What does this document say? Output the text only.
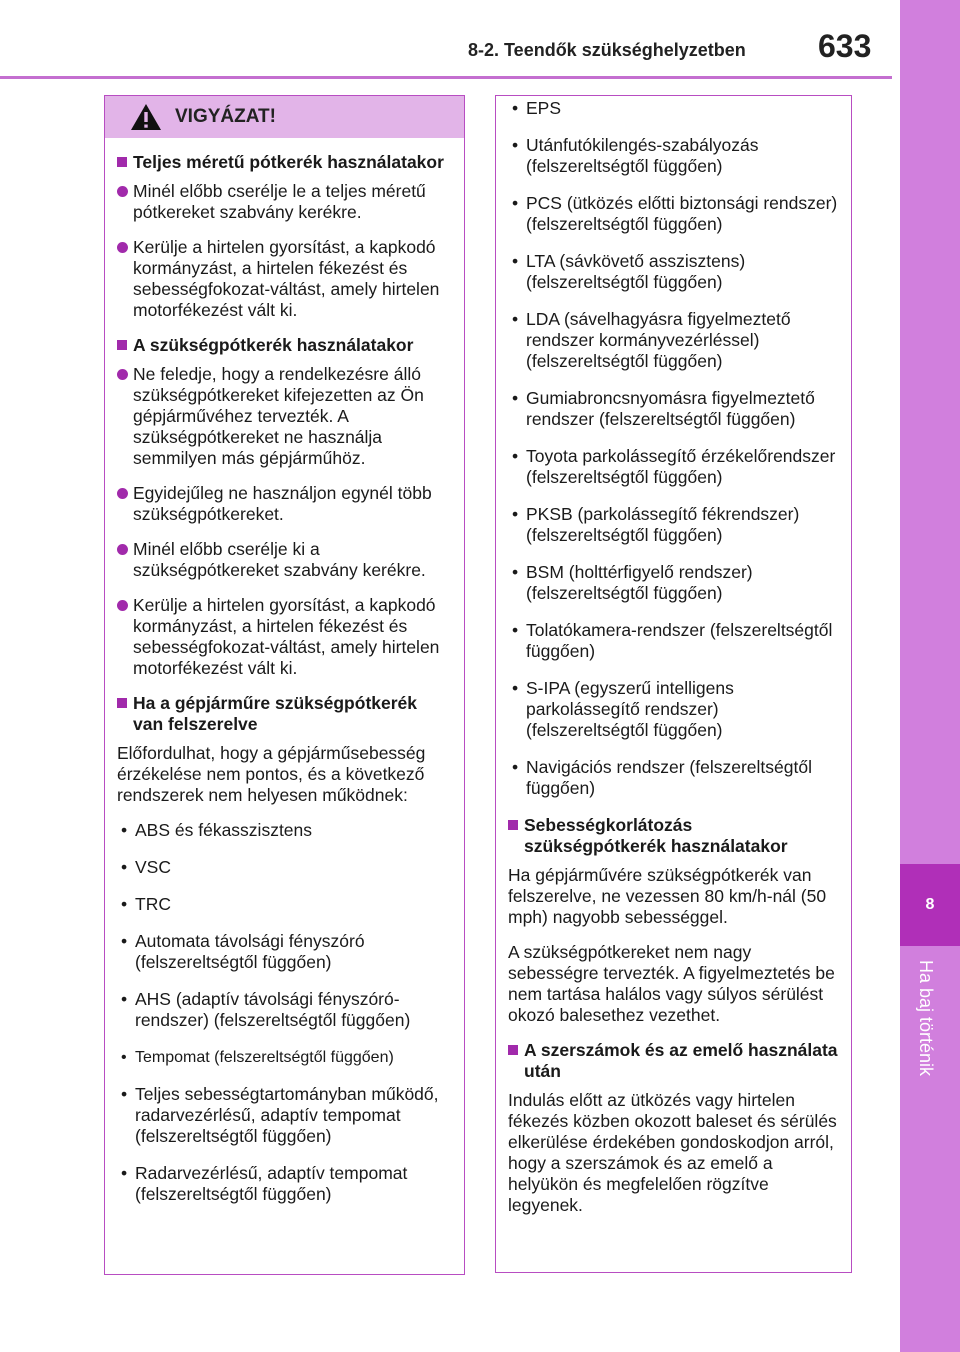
8-2. Teendők szükséghelyzetben 633
8
Ha baj történik
VIGYÁZAT!
Teljes méretű pótkerék használatakor
Minél előbb cserélje le a teljes méretű pótkereket szabvány kerékre.
Kerülje a hirtelen gyorsítást, a kapkodó kormányzást, a hirtelen fékezést és sebességfokozat-váltást, amely hirtelen motorfékezést vált ki.
A szükségpótkerék használatakor
Ne feledje, hogy a rendelkezésre álló szükségpótkereket kifejezetten az Ön gépjárművéhez tervezték. A szükségpótkereket ne használja semmilyen más gépjárműhöz.
Egyidejűleg ne használjon egynél több szükségpótkereket.
Minél előbb cserélje ki a szükségpótkereket szabvány kerékre.
Kerülje a hirtelen gyorsítást, a kapkodó kormányzást, a hirtelen fékezést és sebességfokozat-váltást, amely hirtelen motorfékezést vált ki.
Ha a gépjárműre szükségpótkerék van felszerelve
Előfordulhat, hogy a gépjárműsebesség érzékelése nem pontos, és a következő rendszerek nem helyesen működnek:
• ABS és fékasszisztens
• VSC
• TRC
• Automata távolsági fényszóró (felszereltségtől függően)
• AHS (adaptív távolsági fényszóró-rendszer) (felszereltségtől függően)
• Tempomat (felszereltségtől függően)
• Teljes sebességtartományban működő, radarvezérlésű, adaptív tempomat (felszereltségtől függően)
• Radarvezérlésű, adaptív tempomat (felszereltségtől függően)
• EPS
• Utánfutókilengés-szabályozás (felszereltségtől függően)
• PCS (ütközés előtti biztonsági rendszer) (felszereltségtől függően)
• LTA (sávkövető asszisztens) (felszereltségtől függően)
• LDA (sávelhagyásra figyelmeztető rendszer kormányvezérléssel) (felszereltségtől függően)
• Gumiabroncsnyomásra figyelmeztető rendszer (felszereltségtől függően)
• Toyota parkolássegítő érzékelőrendszer (felszereltségtől függően)
• PKSB (parkolássegítő fékrendszer) (felszereltségtől függően)
• BSM (holttérfigyelő rendszer) (felszereltségtől függően)
• Tolatókamera-rendszer (felszereltségtől függően)
• S-IPA (egyszerű intelligens parkolássegítő rendszer) (felszereltségtől függően)
• Navigációs rendszer (felszereltségtől függően)
Sebességkorlátozás szükségpótkerék használatakor
Ha gépjárművére szükségpótkerék van felszerelve, ne vezessen 80 km/h-nál (50 mph) nagyobb sebességgel.
A szükségpótkereket nem nagy sebességre tervezték. A figyelmeztetés be nem tartása halálos vagy súlyos sérülést okozó balesethez vezethet.
A szerszámok és az emelő használata után
Indulás előtt az ütközés vagy hirtelen fékezés közben okozott baleset és sérülés elkerülése érdekében gondoskodjon arról, hogy a szerszámok és az emelő a helyükön és megfelelően rögzítve legyenek.
